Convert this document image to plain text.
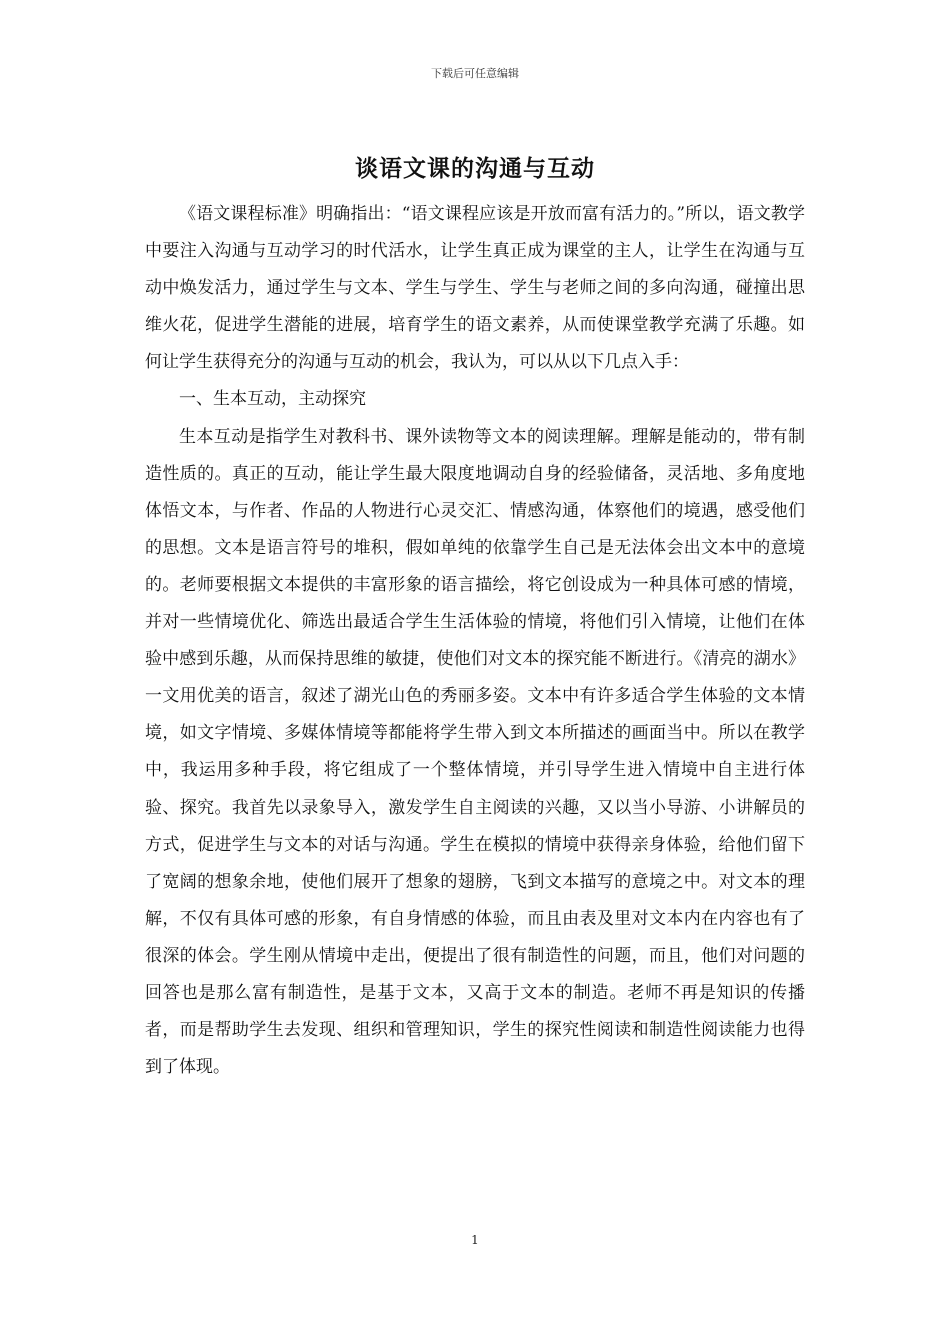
下载后可任意编辑
谈语文课的沟通与互动

《语文课程标准》明确指出：“语文课程应该是开放而富有活力的。”所以，语文教学中要注入沟通与互动学习的时代活水，让学生真正成为课堂的主人，让学生在沟通与互动中焕发活力，通过学生与文本、学生与学生、学生与老师之间的多向沟通，碰撞出思维火花，促进学生潜能的进展，培育学生的语文素养，从而使课堂教学充满了乐趣。如何让学生获得充分的沟通与互动的机会，我认为，可以从以下几点入手：

一、生本互动，主动探究

生本互动是指学生对教科书、课外读物等文本的阅读理解。理解是能动的，带有制造性质的。真正的互动，能让学生最大限度地调动自身的经验储备，灵活地、多角度地体悟文本，与作者、作品的人物进行心灵交汇、情感沟通，体察他们的境遇，感受他们的思想。文本是语言符号的堆积，假如单纯的依靠学生自己是无法体会出文本中的意境的。老师要根据文本提供的丰富形象的语言描绘，将它创设成为一种具体可感的情境，并对一些情境优化、筛选出最适合学生生活体验的情境，将他们引入情境，让他们在体验中感到乐趣，从而保持思维的敏捷，使他们对文本的探究能不断进行。《清亮的湖水》一文用优美的语言，叙述了湖光山色的秀丽多姿。文本中有许多适合学生体验的文本情境，如文字情境、多媒体情境等都能将学生带入到文本所描述的画面当中。所以在教学中，我运用多种手段，将它组成了一个整体情境，并引导学生进入情境中自主进行体验、探究。我首先以录象导入，激发学生自主阅读的兴趣，又以当小导游、小讲解员的方式，促进学生与文本的对话与沟通。学生在模拟的情境中获得亲身体验，给他们留下了宽阔的想象余地，使他们展开了想象的翅膀，飞到文本描写的意境之中。对文本的理解，不仅有具体可感的形象，有自身情感的体验，而且由表及里对文本内在内容也有了很深的体会。学生刚从情境中走出，便提出了很有制造性的问题，而且，他们对问题的回答也是那么富有制造性，是基于文本，又高于文本的制造。老师不再是知识的传播者，而是帮助学生去发现、组织和管理知识，学生的探究性阅读和制造性阅读能力也得到了体现。

1
